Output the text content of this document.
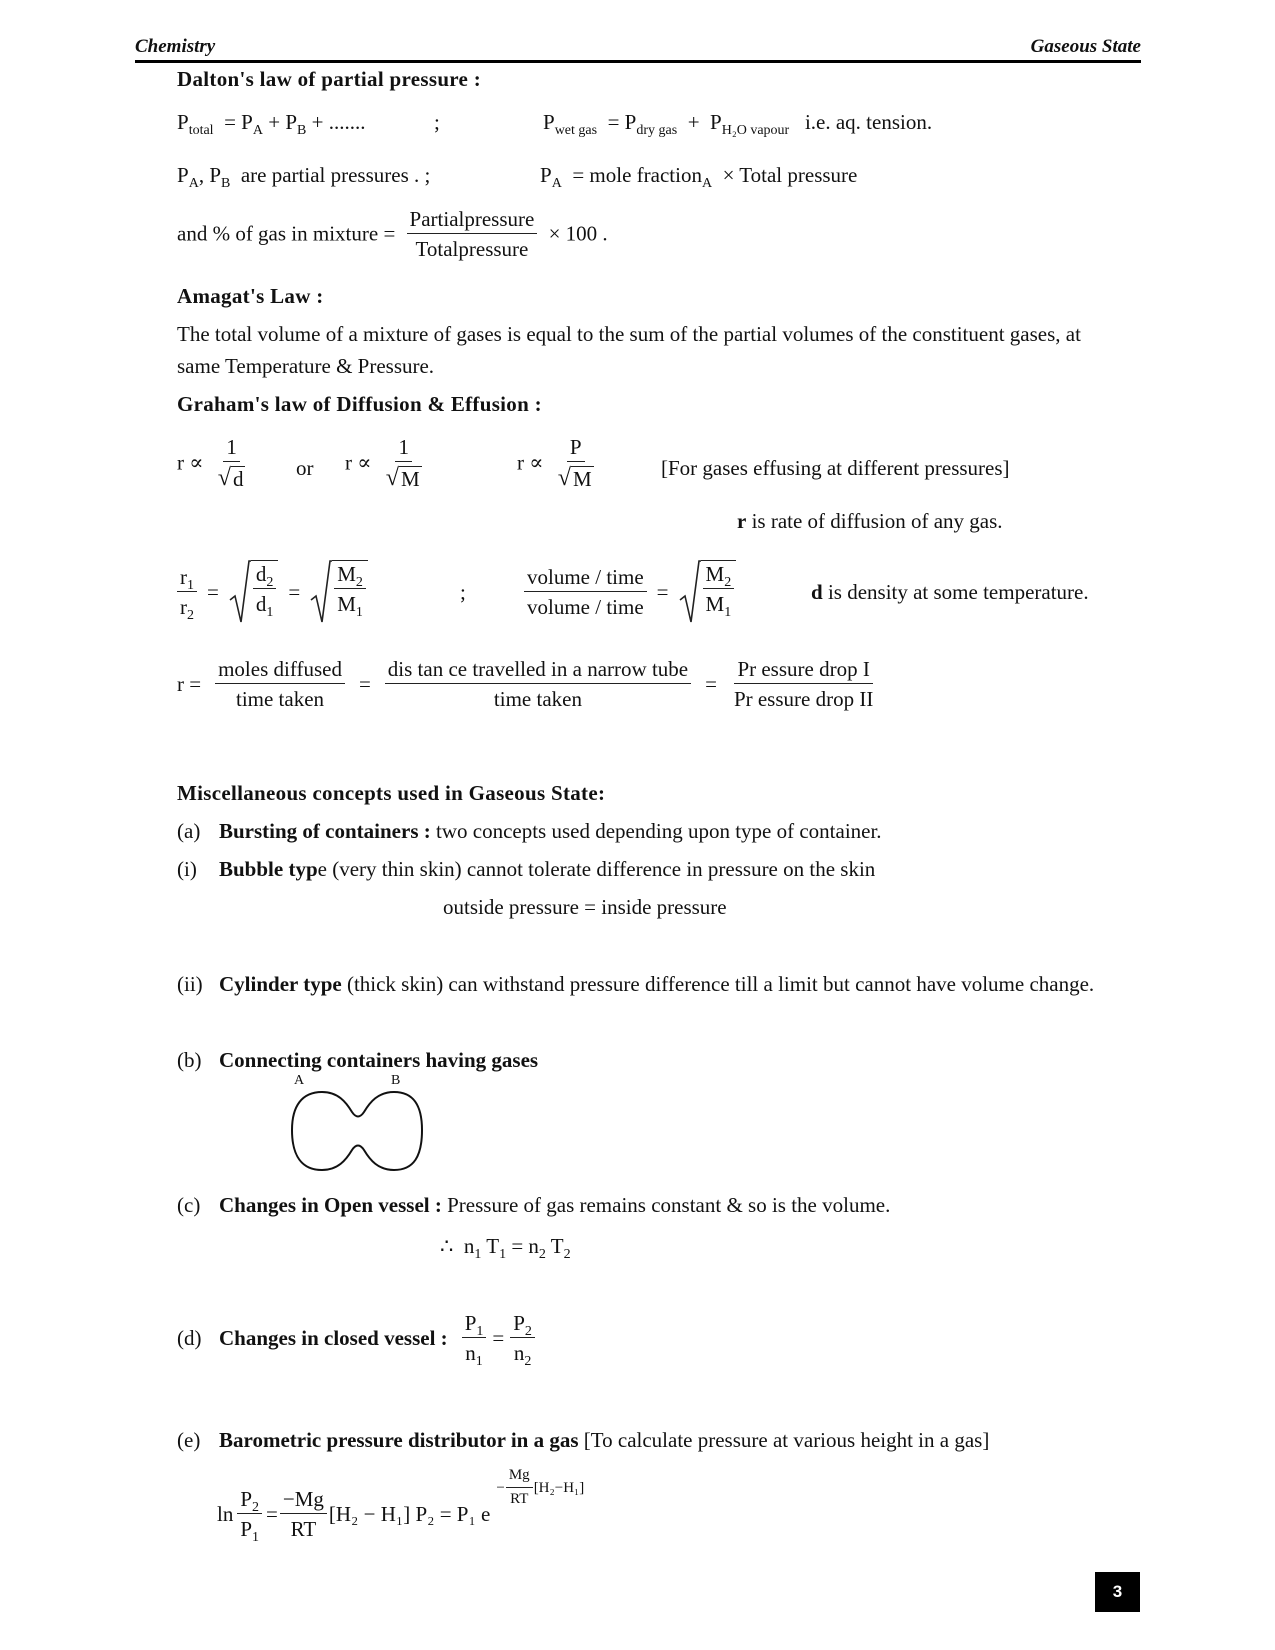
Chemistry	Gaseous State
Dalton's law of partial pressure :
$P_{total} = P_A + P_B$ + .......	;	$P_{wet gas} = P_{dry gas} + P_{H_2O vapour}$ i.e. aq. tension.
$P_A$, $P_B$ are partial pressures . ;	$P_A$ = mole fraction$_A$ × Total pressure
and % of gas in mixture = $\frac{\text{Partialpressure}}{\text{Totalpressure}} \times 100$ .
Amagat's Law :
The total volume of a mixture of gases is equal to the sum of the partial volumes of the constituent gases, at
same Temperature & Pressure.
Graham's law of Diffusion & Effusion :
$r \propto \frac{1}{√ d}$ or $r \propto \frac{1}{√ M}$	$r \propto \frac{P}{√ M}$	[For gases effusing at different pressures]
r is rate of diffusion of any gas.
$\frac{r_1}{r_2} = \frac{d_2}{d_1} = \frac{M_2}{M_1}$	;	$\frac{\text{volume / time}}{\text{volume / time}} = \frac{M_2}{M_1}$	d is density at some temperature.
$r = \frac{\text{moles diffused}}{\text{time taken}} = \frac{\text{dis tan ce travelled in a narrow tube}}{\text{time taken}} = \frac{\text{Pr essure drop I}}{\text{Pr essure drop II}}$
Miscellaneous concepts used in Gaseous State:
(a) Bursting of containers : two concepts used depending upon type of container.
(i) Bubble type (very thin skin) cannot tolerate difference in pressure on the skin
outside pressure = inside pressure
(ii) Cylinder type (thick skin) can withstand pressure difference till a limit but cannot have volume change.
(b) Connecting containers having gases
A	B
(c) Changes in Open vessel : Pressure of gas remains constant & so is the volume.
∴ $n_1$ $T_1 = n_2$ $T_2$
(d) Changes in closed vessel : $\frac{P_1}{n_1} = \frac{P_2}{n_2}$
(e) Barometric pressure distributor in a gas [To calculate pressure at various height in a gas]
$\ln \frac{P_2}{P_1} = \frac{-Mg}{RT} [H_2 - H_1]$
P₂ = P₁ e
− $\frac{Mg}{RT} [H_2-H_1]$
3
